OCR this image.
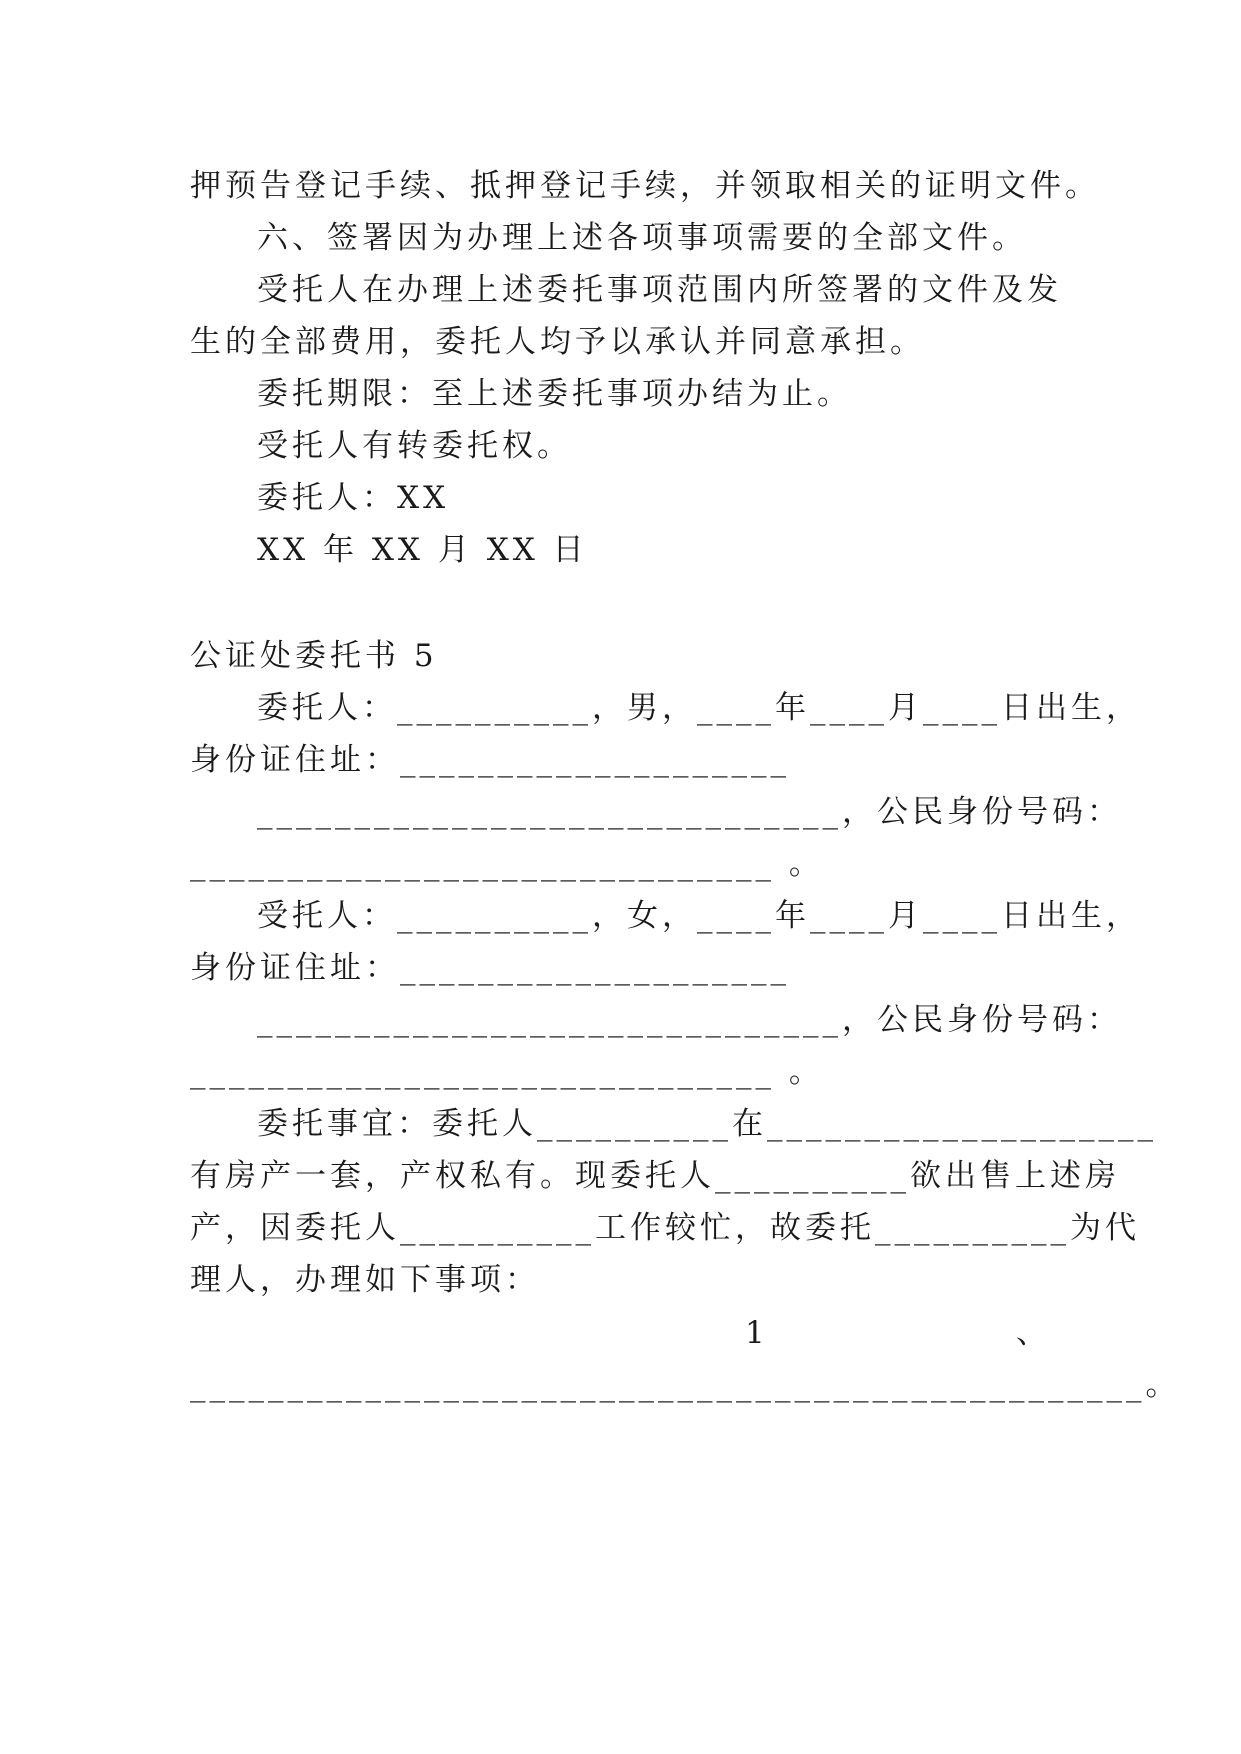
押预告登记手续、抵押登记手续，并领取相关的证明文件。
六、签署因为办理上述各项事项需要的全部文件。
受托人在办理上述委托事项范围内所签署的文件及发
生的全部费用，委托人均予以承认并同意承担。
委托期限：至上述委托事项办结为止。
受托人有转委托权。
委托人：XX
XX 年 XX 月 XX 日
公证处委托书 5
委托人：__________，男，____年____月____日出生，
身份证住址：____________________
______________________________，公民身份号码：
______________________________ 。
受托人：__________，女，____年____月____日出生，
身份证住址：____________________
______________________________，公民身份号码：
______________________________ 。
委托事宜：委托人__________在____________________
有房产一套，产权私有。现委托人__________欲出售上述房
产，因委托人__________工作较忙，故委托__________为代
理人，办理如下事项：
1	、
_________________________________________________。
